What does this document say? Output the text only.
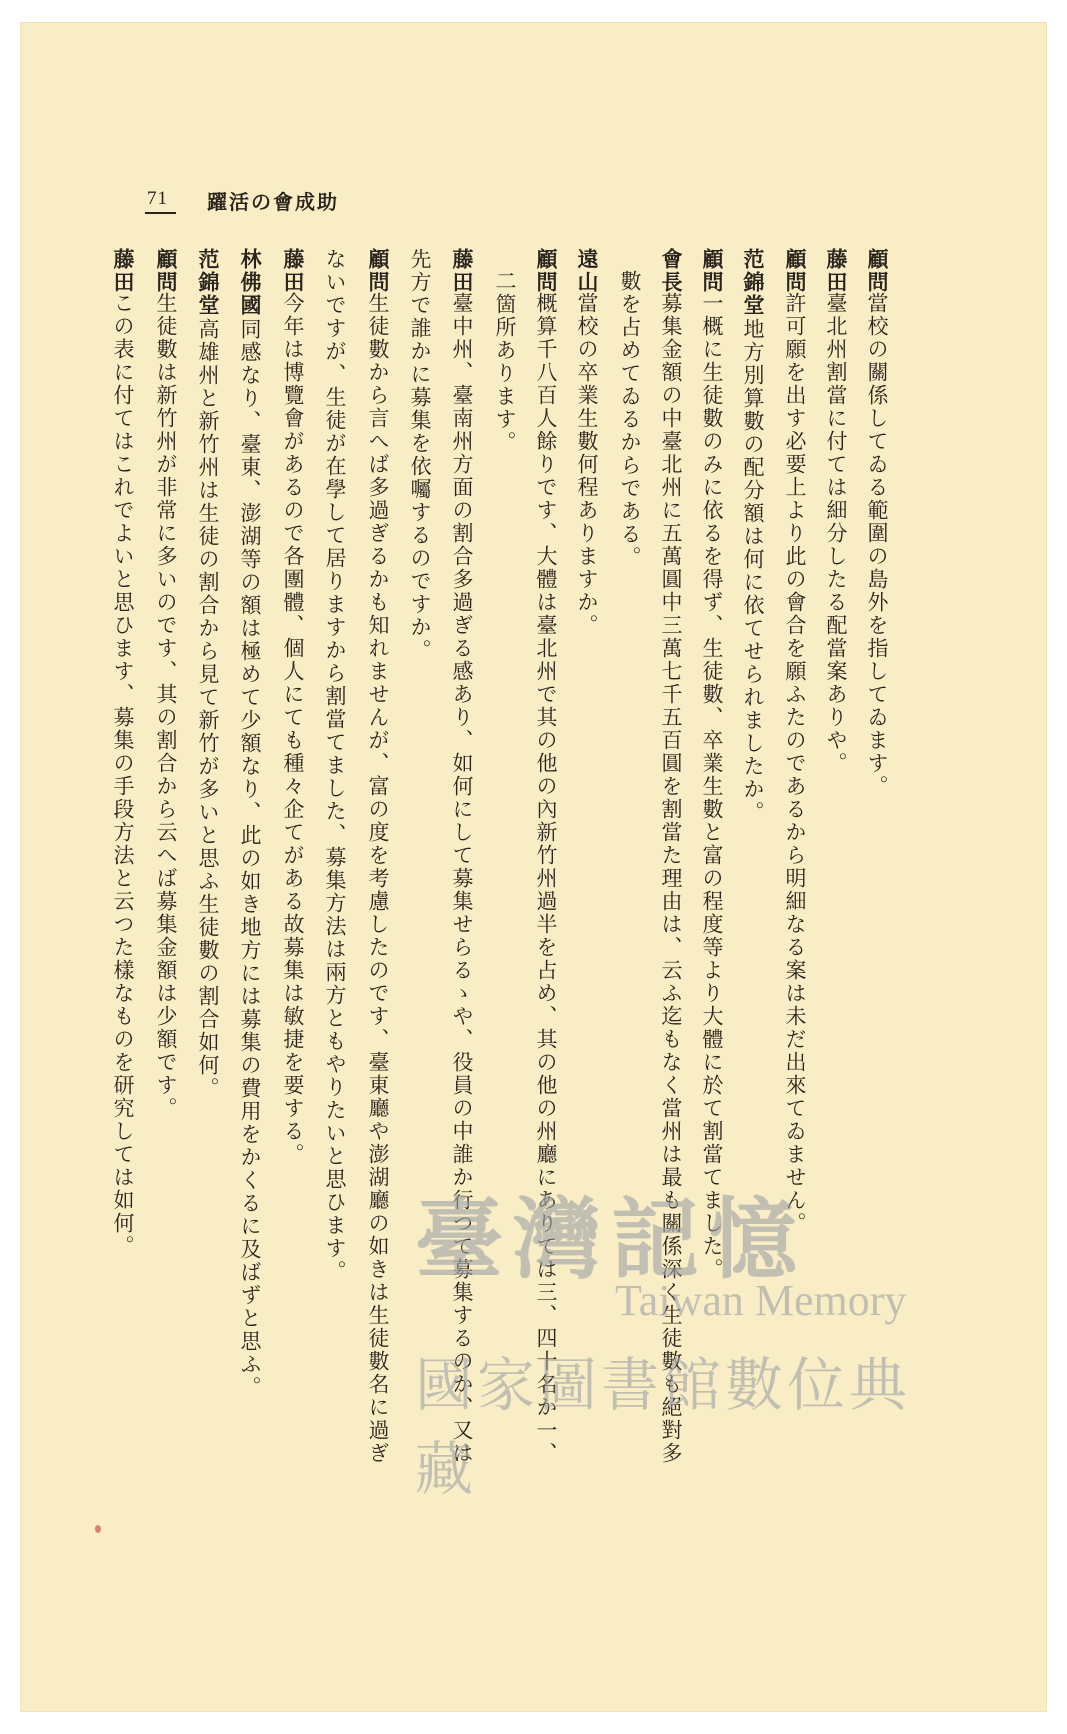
71	躍活の會成助
顧問
當校の關係してゐる範圍の島外を指してゐます。
藤田
臺北州割當に付ては細分したる配當案ありや。
顧問
許可願を出す必要上より此の會合を願ふたのであるから明細なる案は未だ出來てゐません。
范錦堂
地方別算數の配分額は何に依てせられましたか。
顧問
一概に生徒數のみに依るを得ず、生徒數、卒業生數と富の程度等より大體に於て割當てました。
會長
募集金額の中臺北州に五萬圓中三萬七千五百圓を割當た理由は、云ふ迄もなく當州は最も關係深く生徒數も絕對多
數を占めてゐるからである。
遠山
當校の卒業生數何程ありますか。
顧問
概算千八百人餘りです、大體は臺北州で其の他の內新竹州過半を占め、其の他の州廳にありては三、四十名か一、
二箇所あります。
藤田
臺中州、臺南州方面の割合多過ぎる感あり、如何にして募集せらるゝや、役員の中誰か行つて募集するのか、又は
先方で誰かに募集を依囑するのですか。
顧問
生徒數から言へば多過ぎるかも知れませんが、富の度を考慮したのです、臺東廳や澎湖廳の如きは生徒數名に過ぎ
ないですが、生徒が在學して居りますから割當てました、募集方法は兩方ともやりたいと思ひます。
藤田
今年は博覽會があるので各團體、個人にても種々企てがある故募集は敏捷を要する。
林佛國
同感なり、臺東、澎湖等の額は極めて少額なり、此の如き地方には募集の費用をかくるに及ばずと思ふ。
范錦堂
高雄州と新竹州は生徒の割合から見て新竹が多いと思ふ生徒數の割合如何。
顧問
生徒數は新竹州が非常に多いのです、其の割合から云へば募集金額は少額です。
藤田
この表に付てはこれでよいと思ひます、募集の手段方法と云つた樣なものを研究しては如何。	臺灣記憶
Taiwan Memory
國家圖書館數位典藏
